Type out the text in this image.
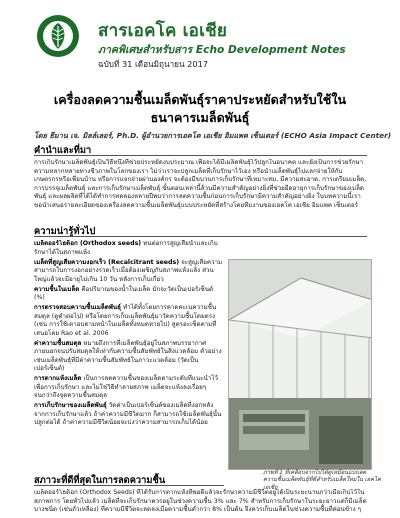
สารเอคโค เอเชีย
ภาคพิเศษสำหรับสาร Echo Development Notes
ฉบับที่ 31 เดือนมิถุนายน 2017
เครื่องลดความชื้นเมล็ดพันธุ์ราคาประหยัดสำหรับใช้ใน
ธนาคารเมล็ดพันธุ์
โดย ธีมาน เจ. มิลล์เลอร์, Ph.D. ผู้อำนวยการเอคโค เอเชีย อิมแพค เซ็นเตอร์ (ECHO Asia Impact Center)
คำนำและที่มา
การเก็บรักษาเมล็ดพันธุ์เป็นวิธีหนึ่งที่ช่วยประหยัดงบประมาณ เพื่อจะได้มีเมล็ดพันธุ์ไว้ปลูกในอนาคต และยังเป็นการช่วยรักษาความหลากหลายทางชีวภาพในโลกของเรา ไม่ว่าเราจะปลูกเมล็ดที่เก็บรักษาไว้เอง หรือนำเมล็ดพันธุ์ไปแลกจ่ายให้กับเกษตรกรหรือเพื่อนบ้าน หรือการแจกจ่ายผ่านองค์กร จะต้องมีขบวนการเก็บรักษาที่เหมาะสม, มีความสะอาด, การเตรียมเมล็ด, การบรรจุเมล็ดพันธุ์ และการเก็บรักษาเมล็ดพันธุ์ ขั้นตอนเหล่านี้ล้วนมีความสำคัญอย่างยิ่งที่ช่วยยืดอายุการเก็บรักษาของเมล็ดพันธุ์ และผลผลิตที่ได้ได้ทำการทดลองหลายปีพบว่าการลดความชื้นก่อนการเก็บรักษามีความสำคัญอย่างยิ่ง ในบทความนี้เราขอนำเสนอรายละเอียดของเครื่องลดความชื้นเมล็ดพันธุ์แบบประหยัดที่สร้างโดยทีมงานของเอคโค เอเชีย อิมแพค เซ็นเตอร์
ความน่ารู้ทั่วไป

เมล็ดออร์โธด็อก (Orthodox seeds) ทนต่อการสูญเสียน้ำและเก็บรักษาได้ในสภาพแห้ง

เมล็ดที่สูญเสียความงอกเร็ว (Recalcitrant seeds) จะสูญเสียความสามารถในการงอกอย่างรวดเร็วเมื่อต้องเผชิญกับสภาพแห้งแล้ง ส่วนใหญ่แล้วจะมีอายุไม่เกิน 10 วัน หลังการเก็บเกี่ยว

ความชื้นในเมล็ด คือปริมาณของน้ำในเมล็ด มักจะวัดเป็นเปอร์เซ็นต์ (%)

การตรวจสอบความชื้นเมล็ดพันธุ์ ทำได้ทั้งโดยการคาดคะเนความชื้นสมดุล (ดูคำต่อไป) หรือโดยการเก็บเมล็ดพันธุ์มาวัดความชื้นโดยตรง (เช่น การใช้เตาอบตามหน้าในเมล็ดทั้งหมดหายไป) สูตรอะเซ็ตตามที่เสนอโดย Rao et al. 2006

ค่าความชื้นสมดุล หมายถึงการที่เมล็ดพันธุ์อยู่ในสภาพบรรยากาศภายนอกจนปรับสมดุลให้เท่ากับความชื้นสัมพัทธ์ในสิ่งแวดล้อม ตัวอย่างเช่นเมล็ดพันธุ์ที่มีค่าความชื้นสัมพัทธ์ในภาวะแวดล้อม (วัดเป็นเปอร์เซ็นต์)

การตากแห้งเมล็ด เป็นการลดความชื้นของเมล็ดตามระดับที่แนะนำไว้ เพื่อการเก็บรักษา และไม่ใช่วิธีทำลายสภาพ เมล็ดจะแห้งลงเรื่อยๆจนกว่าถึงจุดความชื้นสมดุล

การเก็บรักษาของเมล็ดพันธุ์ วัดค่าเป็นเปอร์เซ็นต์ของเมล็ดที่งอกหลังจากการเก็บรักษาแล้ว ถ้าค่าความมีชีวิตมาก ก็สามารถใช้เมล็ดพันธุ์นั้นปลูกต่อได้ ถ้าค่าความมีชีวิตน้อยจะบ่งว่าความสามารถเก็บได้น้อย

ภาพที่ 1 ที่เคลือบจากไปได้ดูเหมือนแบบลดความชื้นเมล็ดพันธุ์ที่ดีสำหรับเมล็ดใหม่ใน เอคโค เอเชีย
สภาวะที่ดีที่สุดในการลดความชื้น
เมล็ดออร์โธด็อก (Orthodox Seeds) ที่ได้รับการตากแห้งที่พอดีแล้วจะรักษาความมีชีวิตอยู่ได้เป็นระยะนานกว่าเมื่อเก็บไว้ในสภาพการ โดยทั่วไปแล้ว เมล็ดที่จะเก็บรักษาควรอยู่ในช่วงความชื้น 3% และ 7% สำหรับการเก็บรักษาในระยะยาวแต่ก็มีเมล็ดบางชนิด (เช่นถั่วเหลือง) ที่ความมีชีวิตจะลดลงเมื่อความชื้นต่ำกว่า 8% เป็นต้น จึงควรเก็บเมล็ดในช่วงความชื้นที่ค่อนข้าง ๆ
